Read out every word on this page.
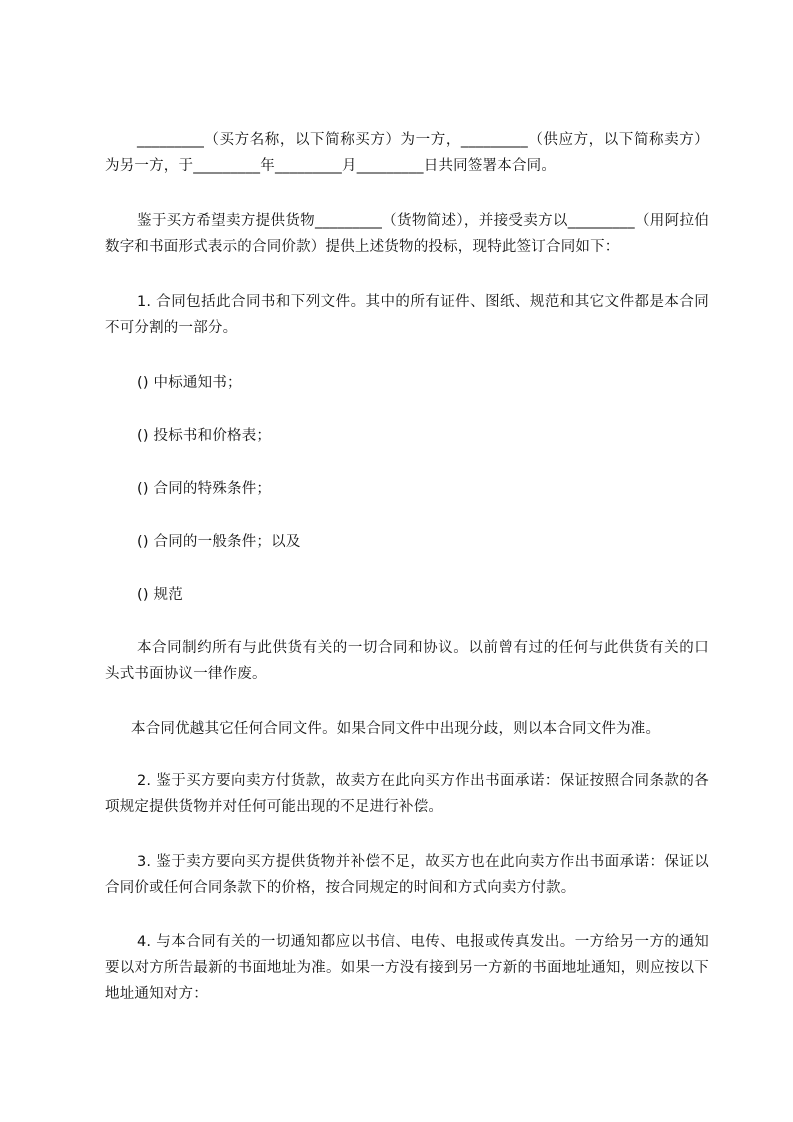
_________（买方名称，以下简称买方）为一方，_________（供应方，以下简称卖方）为另一方，于_________年_________月_________日共同签署本合同。

鉴于买方希望卖方提供货物_________（货物简述），并接受卖方以_________（用阿拉伯数字和书面形式表示的合同价款）提供上述货物的投标，现特此签订合同如下：

1. 合同包括此合同书和下列文件。其中的所有证件、图纸、规范和其它文件都是本合同不可分割的一部分。

() 中标通知书；

() 投标书和价格表；

() 合同的特殊条件；

() 合同的一般条件；以及

() 规范

本合同制约所有与此供货有关的一切合同和协议。以前曾有过的任何与此供货有关的口头式书面协议一律作废。

本合同优越其它任何合同文件。如果合同文件中出现分歧，则以本合同文件为准。

2. 鉴于买方要向卖方付货款，故卖方在此向买方作出书面承诺：保证按照合同条款的各项规定提供货物并对任何可能出现的不足进行补偿。

3. 鉴于卖方要向买方提供货物并补偿不足，故买方也在此向卖方作出书面承诺：保证以合同价或任何合同条款下的价格，按合同规定的时间和方式向卖方付款。

4. 与本合同有关的一切通知都应以书信、电传、电报或传真发出。一方给另一方的通知要以对方所告最新的书面地址为准。如果一方没有接到另一方新的书面地址通知，则应按以下地址通知对方：
